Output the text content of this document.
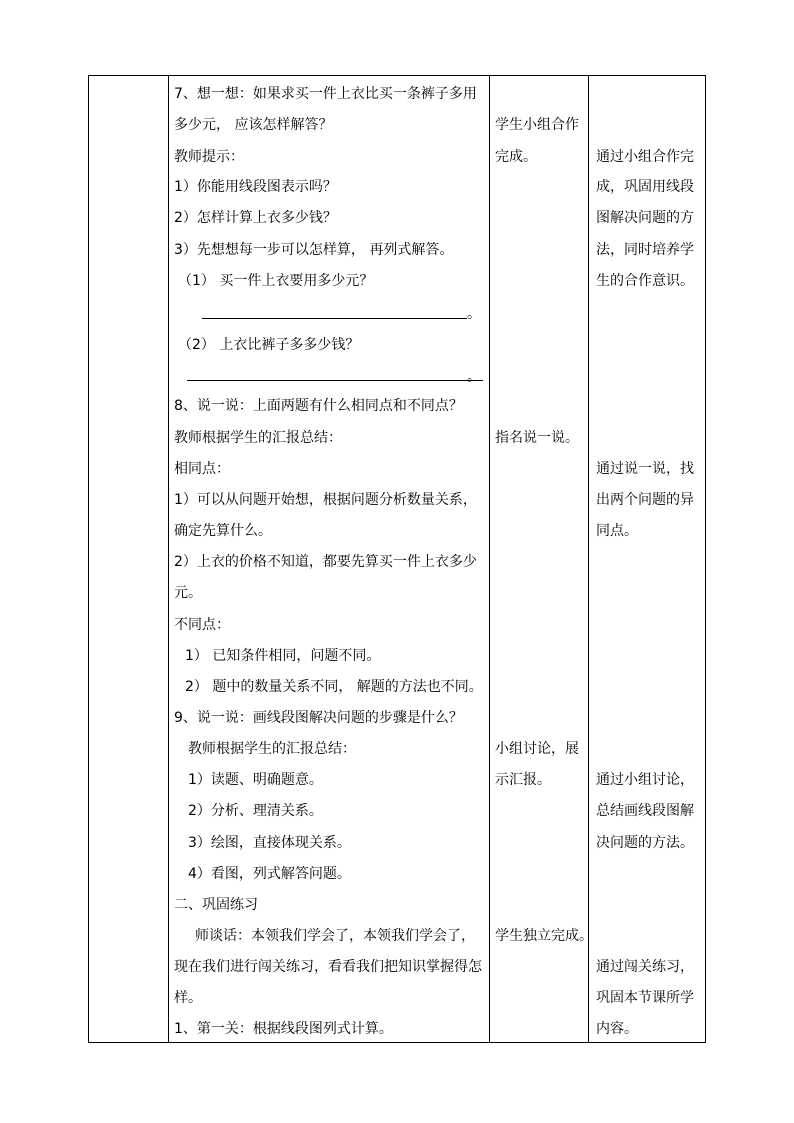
7、想一想：如果求买一件上衣比买一条裤子多用
多少元， 应该怎样解答？
教师提示：
1）你能用线段图表示吗？
2）怎样计算上衣多少钱？
3）先想想每一步可以怎样算， 再列式解答。
（1） 买一件上衣要用多少元？
。
（2） 上衣比裤子多多少钱？
。
8、说一说：上面两题有什么相同点和不同点？
教师根据学生的汇报总结：
相同点：
1）可以从问题开始想，根据问题分析数量关系，
确定先算什么。
2）上衣的价格不知道，都要先算买一件上衣多少
元。
不同点：
1） 已知条件相同，问题不同。
2） 题中的数量关系不同， 解题的方法也不同。
9、说一说：画线段图解决问题的步骤是什么？
教师根据学生的汇报总结：
1）读题、明确题意。
2）分析、理清关系。
3）绘图，直接体现关系。
4）看图，列式解答问题。
二、巩固练习
师谈话：本领我们学会了，本领我们学会了，
现在我们进行闯关练习，看看我们把知识掌握得怎
样。
1、第一关：根据线段图列式计算。
学生小组合作
完成。
指名说一说。
小组讨论，展
示汇报。
学生独立完成。
通过小组合作完
成，巩固用线段
图解决问题的方
法，同时培养学
生的合作意识。
通过说一说，找
出两个问题的异
同点。
通过小组讨论，
总结画线段图解
决问题的方法。
通过闯关练习，
巩固本节课所学
内容。
